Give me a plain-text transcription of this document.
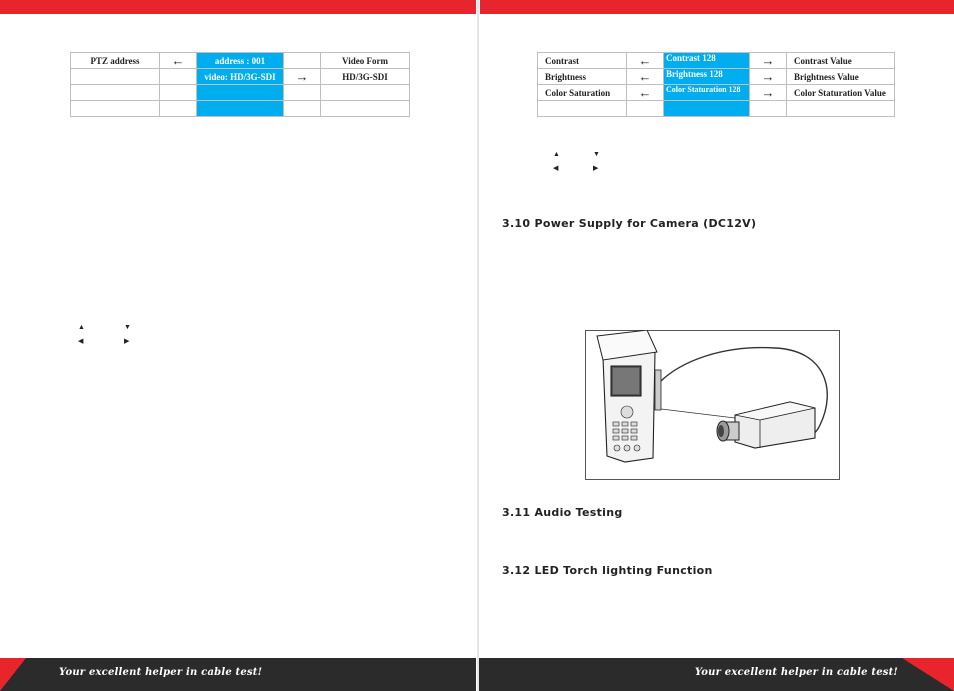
PTZ address	←	address : 001		Video Form
		video: HD/3G-SDI	→	HD/3G-SDI

▲	▼
◀	▶
Contrast	←	Contrast 128	→	Contrast Value
Brightness	←	Brightness 128	→	Brightness Value
Color Saturation	←	Color Staturation 128	→	Color Staturation Value

▲	▼
◀	▶
3.10 Power Supply for Camera (DC12V)
3.11 Audio Testing
3.12 LED Torch lighting Function
Your excellent helper in cable test!	Your excellent helper in cable test!
